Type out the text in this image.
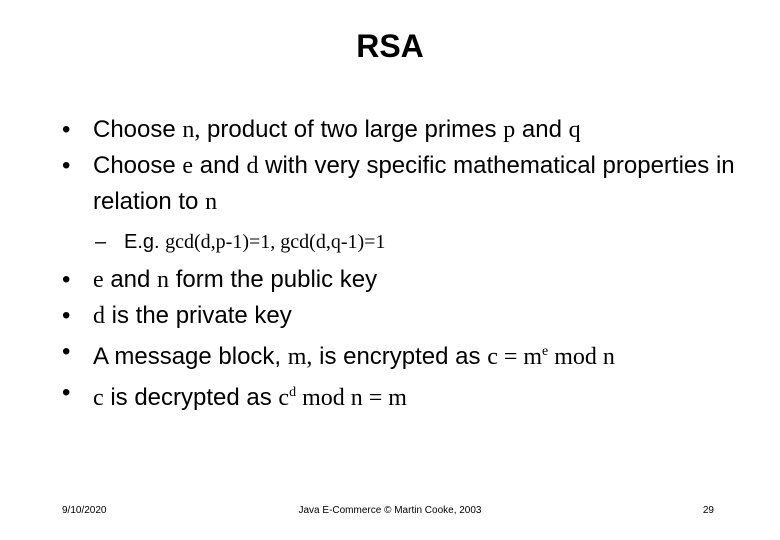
RSA
• Choose n, product of two large primes p and q
• Choose e and d with very specific mathematical properties in relation to n
– E.g. gcd(d,p-1)=1, gcd(d,q-1)=1
• e and n form the public key
• d is the private key
• A message block, m, is encrypted as $c = m^e$ mod n
• c is decrypted as $c^d$ mod n = m
9/10/2020	Java E-Commerce © Martin Cooke, 2003	29
